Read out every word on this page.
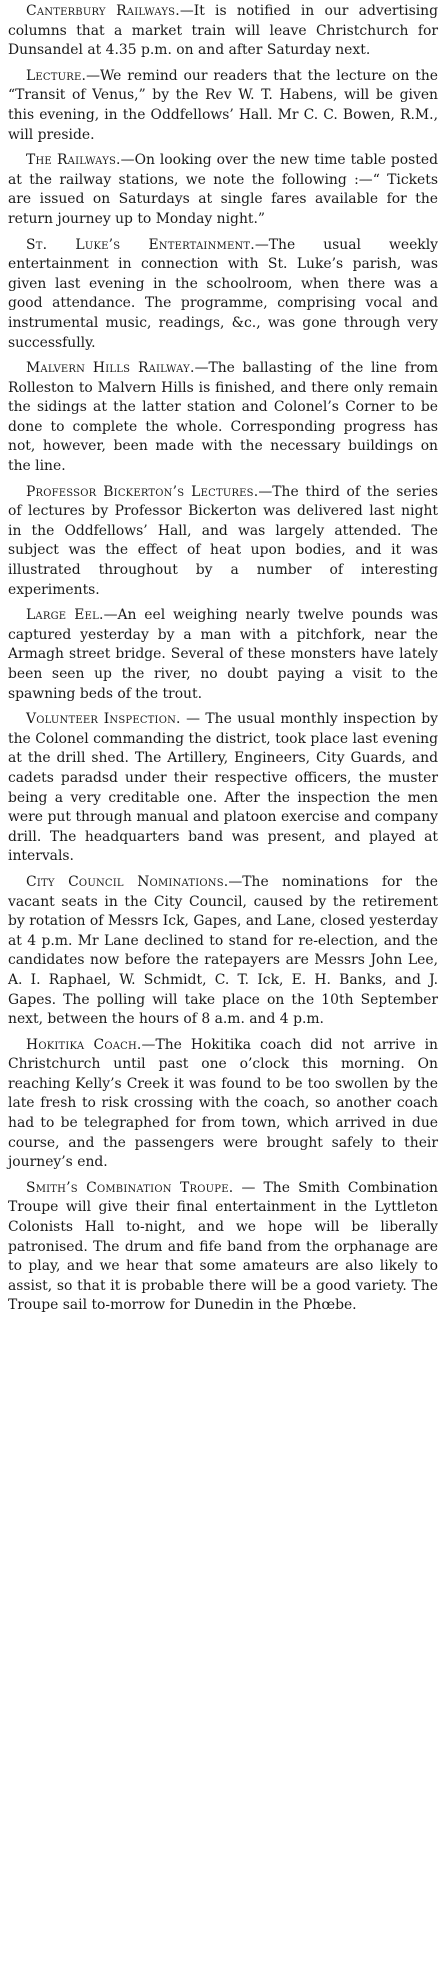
Canterbury Railways.—It is notified in our advertising columns that a market train will leave Christchurch for Dunsandel at 4.35 p.m. on and after Saturday next.

Lecture.—We remind our readers that the lecture on the “Transit of Venus,” by the Rev W. T. Habens, will be given this evening, in the Oddfellows’ Hall. Mr C. C. Bowen, R.M., will preside.

The Railways.—On looking over the new time table posted at the railway stations, we note the following :—“ Tickets are issued on Saturdays at single fares available for the return journey up to Monday night.”

St. Luke’s Entertainment.—The usual weekly entertainment in connection with St. Luke’s parish, was given last evening in the schoolroom, when there was a good attendance. The programme, comprising vocal and instrumental music, readings, &c., was gone through very successfully.

Malvern Hills Railway.—The ballasting of the line from Rolleston to Malvern Hills is finished, and there only remain the sidings at the latter station and Colonel’s Corner to be done to complete the whole. Corresponding progress has not, however, been made with the necessary buildings on the line.

Professor Bickerton’s Lectures.—The third of the series of lectures by Professor Bickerton was delivered last night in the Oddfellows’ Hall, and was largely attended. The subject was the effect of heat upon bodies, and it was illustrated throughout by a number of interesting experiments.

Large Eel.—An eel weighing nearly twelve pounds was captured yesterday by a man with a pitchfork, near the Armagh street bridge. Several of these monsters have lately been seen up the river, no doubt paying a visit to the spawning beds of the trout.

Volunteer Inspection. — The usual monthly inspection by the Colonel commanding the district, took place last evening at the drill shed. The Artillery, Engineers, City Guards, and cadets paradsd under their respective officers, the muster being a very creditable one. After the inspection the men were put through manual and platoon exercise and company drill. The headquarters band was present, and played at intervals.

City Council Nominations.—The nominations for the vacant seats in the City Council, caused by the retirement by rotation of Messrs Ick, Gapes, and Lane, closed yesterday at 4 p.m. Mr Lane declined to stand for re-election, and the candidates now before the ratepayers are Messrs John Lee, A. I. Raphael, W. Schmidt, C. T. Ick, E. H. Banks, and J. Gapes. The polling will take place on the 10th September next, between the hours of 8 a.m. and 4 p.m.

Hokitika Coach.—The Hokitika coach did not arrive in Christchurch until past one o’clock this morning. On reaching Kelly’s Creek it was found to be too swollen by the late fresh to risk crossing with the coach, so another coach had to be telegraphed for from town, which arrived in due course, and the passengers were brought safely to their journey’s end.

Smith’s Combination Troupe. — The Smith Combination Troupe will give their final entertainment in the Lyttleton Colonists Hall to-night, and we hope will be liberally patronised. The drum and fife band from the orphanage are to play, and we hear that some amateurs are also likely to assist, so that it is probable there will be a good variety. The Troupe sail to-morrow for Dunedin in the Phœbe.
